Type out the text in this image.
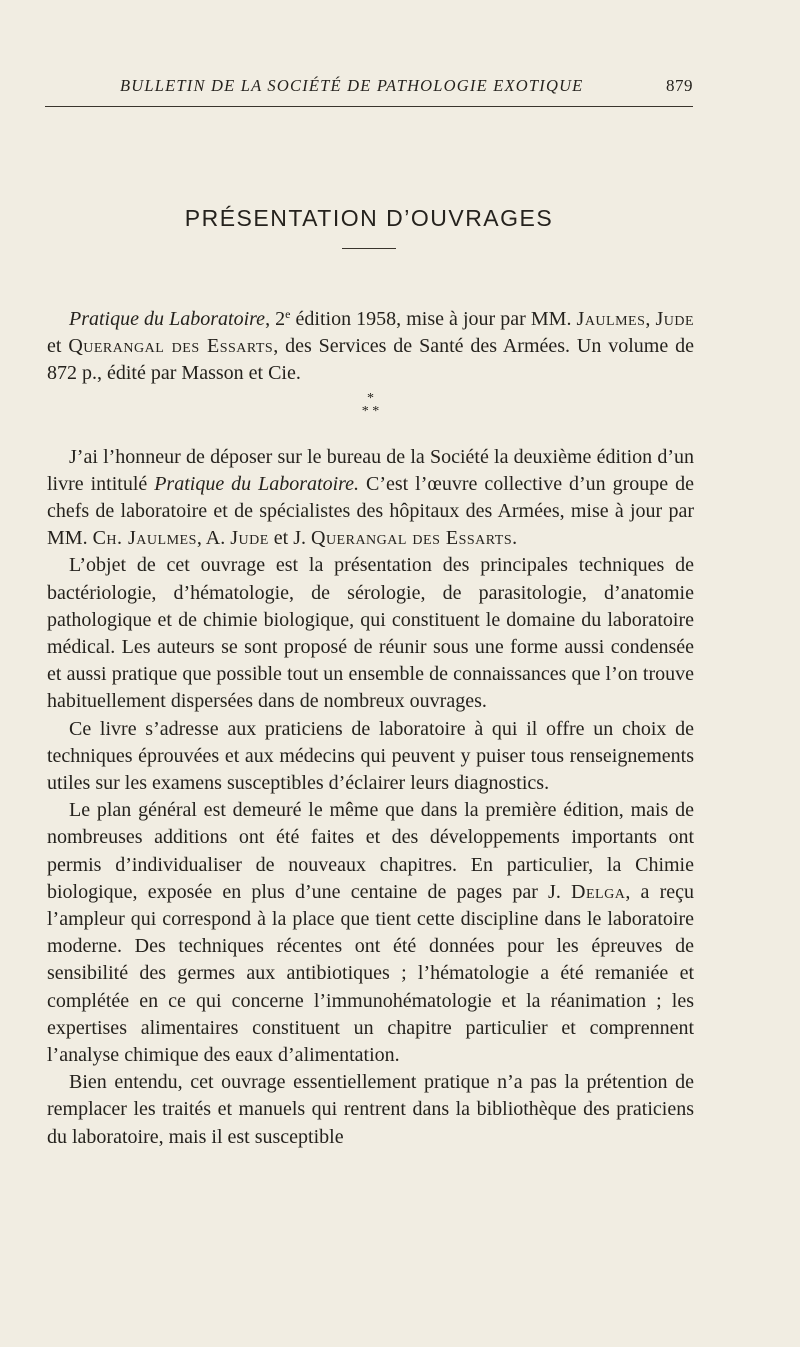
BULLETIN DE LA SOCIÉTÉ DE PATHOLOGIE EXOTIQUE	879
PRÉSENTATION D’OUVRAGES

Pratique du Laboratoire, 2e édition 1958, mise à jour par MM. Jaulmes, Jude et Querangal des Essarts, des Services de Santé des Armées. Un volume de 872 p., édité par Masson et Cie.

*
* *

J’ai l’honneur de déposer sur le bureau de la Société la deuxième édition d’un livre intitulé Pratique du Laboratoire. C’est l’œuvre collective d’un groupe de chefs de laboratoire et de spécialistes des hôpitaux des Armées, mise à jour par MM. Ch. Jaulmes, A. Jude et J. Querangal des Essarts.

L’objet de cet ouvrage est la présentation des principales techniques de bactériologie, d’hématologie, de sérologie, de parasitologie, d’anatomie pathologique et de chimie biologique, qui constituent le domaine du laboratoire médical. Les auteurs se sont proposé de réunir sous une forme aussi condensée et aussi pratique que possible tout un ensemble de connaissances que l’on trouve habituellement dispersées dans de nombreux ouvrages.

Ce livre s’adresse aux praticiens de laboratoire à qui il offre un choix de techniques éprouvées et aux médecins qui peuvent y puiser tous renseignements utiles sur les examens susceptibles d’éclairer leurs diagnostics.

Le plan général est demeuré le même que dans la première édition, mais de nombreuses additions ont été faites et des développements importants ont permis d’individualiser de nouveaux chapitres. En particulier, la Chimie biologique, exposée en plus d’une centaine de pages par J. Delga, a reçu l’ampleur qui correspond à la place que tient cette discipline dans le laboratoire moderne. Des techniques récentes ont été données pour les épreuves de sensibilité des germes aux antibiotiques ; l’hématologie a été remaniée et complétée en ce qui concerne l’immunohématologie et la réanimation ; les expertises alimentaires constituent un chapitre particulier et comprennent l’analyse chimique des eaux d’alimentation.

Bien entendu, cet ouvrage essentiellement pratique n’a pas la prétention de remplacer les traités et manuels qui rentrent dans la bibliothèque des praticiens du laboratoire, mais il est susceptible
